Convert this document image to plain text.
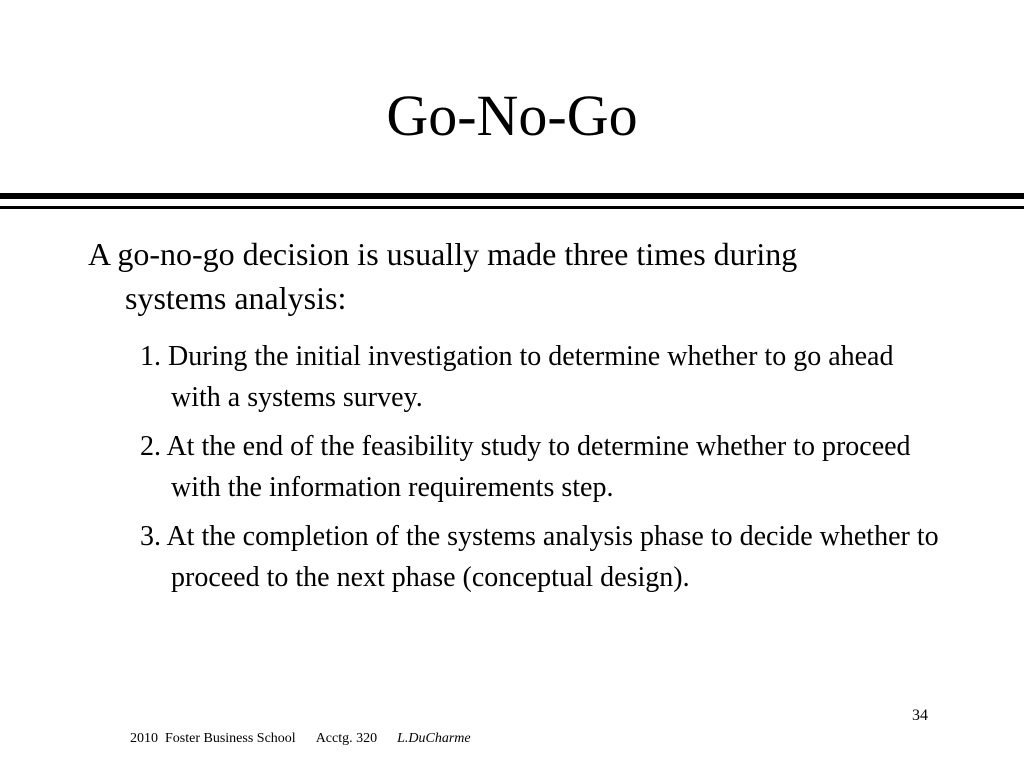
Go-No-Go

A go-no-go decision is usually made three times during systems analysis:

1. During the initial investigation to determine whether to go ahead with a systems survey.
2. At the end of the feasibility study to determine whether to proceed with the information requirements step.
3. At the completion of the systems analysis phase to decide whether to proceed to the next phase (conceptual design).
34
2010  Foster Business School Acctg. 320 L.DuCharme
